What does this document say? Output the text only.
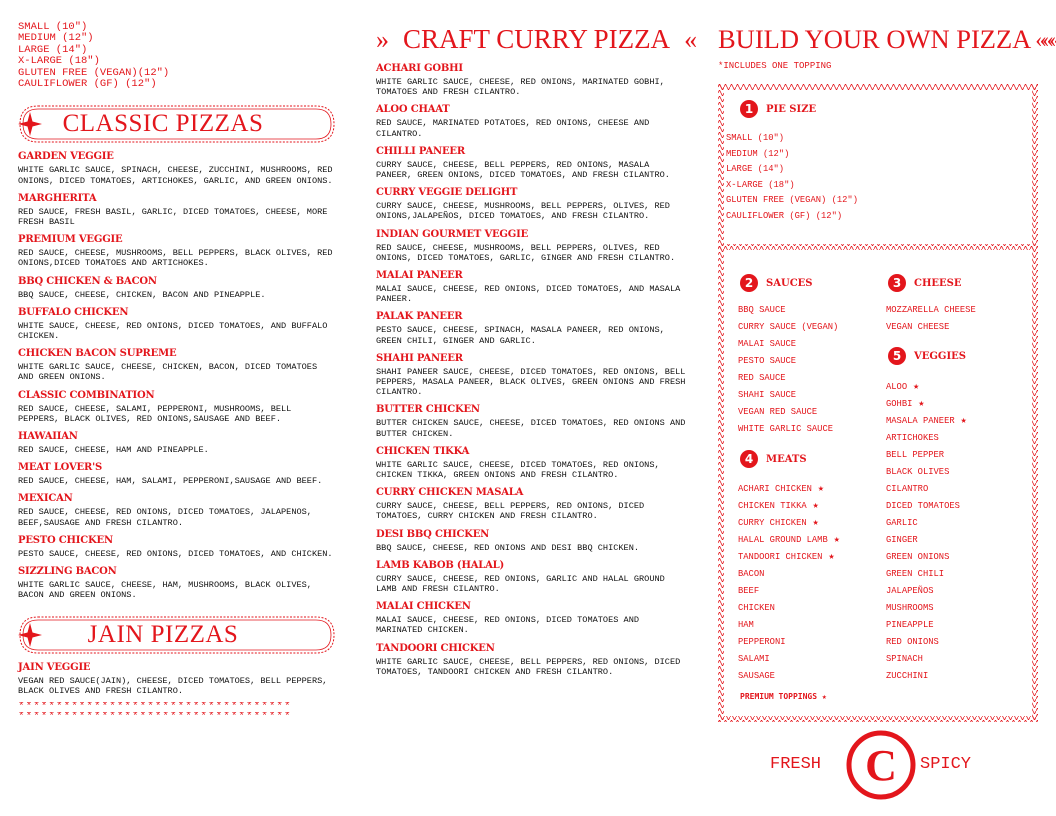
SMALL (10")
MEDIUM (12")
LARGE (14")
X-LARGE (18")
GLUTEN FREE (VEGAN)(12")
CAULIFLOWER (GF) (12")
CLASSIC PIZZAS
GARDEN VEGGIE
WHITE GARLIC SAUCE, SPINACH, CHEESE, ZUCCHINI, MUSHROOMS, RED ONIONS, DICED TOMATOES, ARTICHOKES, GARLIC, AND GREEN ONIONS.
MARGHERITA
RED SAUCE, FRESH BASIL, GARLIC, DICED TOMATOES, CHEESE, MORE FRESH BASIL
PREMIUM VEGGIE
RED SAUCE, CHEESE, MUSHROOMS, BELL PEPPERS, BLACK OLIVES, RED ONIONS,DICED TOMATOES AND ARTICHOKES.
BBQ CHICKEN & BACON
BBQ SAUCE, CHEESE, CHICKEN, BACON AND PINEAPPLE.
BUFFALO CHICKEN
WHITE SAUCE, CHEESE, RED ONIONS, DICED TOMATOES, AND BUFFALO CHICKEN.
CHICKEN BACON SUPREME
WHITE GARLIC SAUCE, CHEESE, CHICKEN, BACON, DICED TOMATOES AND GREEN ONIONS.
CLASSIC COMBINATION
RED SAUCE, CHEESE, SALAMI, PEPPERONI, MUSHROOMS, BELL PEPPERS, BLACK OLIVES, RED ONIONS,SAUSAGE AND BEEF.
HAWAIIAN
RED SAUCE, CHEESE, HAM AND PINEAPPLE.
MEAT LOVER'S
RED SAUCE, CHEESE, HAM, SALAMI, PEPPERONI,SAUSAGE AND BEEF.
MEXICAN
RED SAUCE, CHEESE, RED ONIONS, DICED TOMATOES, JALAPENOS, BEEF,SAUSAGE AND FRESH CILANTRO.
PESTO CHICKEN
PESTO SAUCE, CHEESE, RED ONIONS, DICED TOMATOES, AND CHICKEN.
SIZZLING BACON
WHITE GARLIC SAUCE, CHEESE, HAM, MUSHROOMS, BLACK OLIVES, BACON AND GREEN ONIONS.
JAIN PIZZAS
JAIN VEGGIE
VEGAN RED SAUCE(JAIN), CHEESE, DICED TOMATOES, BELL PEPPERS, BLACK OLIVES AND FRESH CILANTRO.
************************************
************************************
» CRAFT CURRY PIZZA «
ACHARI GOBHI
WHITE GARLIC SAUCE, CHEESE, RED ONIONS, MARINATED GOBHI, TOMATOES AND FRESH CILANTRO.
ALOO CHAAT
RED SAUCE, MARINATED POTATOES, RED ONIONS, CHEESE AND CILANTRO.
CHILLI PANEER
CURRY SAUCE, CHEESE, BELL PEPPERS, RED ONIONS, MASALA PANEER, GREEN ONIONS, DICED TOMATOES, AND FRESH CILANTRO.
CURRY VEGGIE DELIGHT
CURRY SAUCE, CHEESE, MUSHROOMS, BELL PEPPERS, OLIVES, RED ONIONS,JALAPEÑOS, DICED TOMATOES, AND FRESH CILANTRO.
INDIAN GOURMET VEGGIE
RED SAUCE, CHEESE, MUSHROOMS, BELL PEPPERS, OLIVES, RED ONIONS, DICED TOMATOES, GARLIC, GINGER AND FRESH CILANTRO.
MALAI PANEER
MALAI SAUCE, CHEESE, RED ONIONS, DICED TOMATOES, AND MASALA PANEER.
PALAK PANEER
PESTO SAUCE, CHEESE, SPINACH, MASALA PANEER, RED ONIONS, GREEN CHILI, GINGER AND GARLIC.
SHAHI PANEER
SHAHI PANEER SAUCE, CHEESE, DICED TOMATOES, RED ONIONS, BELL PEPPERS, MASALA PANEER, BLACK OLIVES, GREEN ONIONS AND FRESH CILANTRO.
BUTTER CHICKEN
BUTTER CHICKEN SAUCE, CHEESE, DICED TOMATOES, RED ONIONS AND BUTTER CHICKEN.
CHICKEN TIKKA
WHITE GARLIC SAUCE, CHEESE, DICED TOMATOES, RED ONIONS, CHICKEN TIKKA, GREEN ONIONS AND FRESH CILANTRO.
CURRY CHICKEN MASALA
CURRY SAUCE, CHEESE, BELL PEPPERS, RED ONIONS, DICED TOMATOES, CURRY CHICKEN AND FRESH CILANTRO.
DESI BBQ CHICKEN
BBQ SAUCE, CHEESE, RED ONIONS AND DESI BBQ CHICKEN.
LAMB KABOB (HALAL)
CURRY SAUCE, CHEESE, RED ONIONS, GARLIC AND HALAL GROUND LAMB AND FRESH CILANTRO.
MALAI CHICKEN
MALAI SAUCE, CHEESE, RED ONIONS, DICED TOMATOES AND MARINATED CHICKEN.
TANDOORI CHICKEN
WHITE GARLIC SAUCE, CHEESE, BELL PEPPERS, RED ONIONS, DICED TOMATOES, TANDOORI CHICKEN AND FRESH CILANTRO.
BUILD YOUR OWN PIZZA «««
*INCLUDES ONE TOPPING
1	PIE SIZE
SMALL (10")
MEDIUM (12")
LARGE (14")
X-LARGE (18")
GLUTEN FREE (VEGAN) (12")
CAULIFLOWER (GF) (12")
2	SAUCES
BBQ SAUCE
CURRY SAUCE (VEGAN)
MALAI SAUCE
PESTO SAUCE
RED SAUCE
SHAHI SAUCE
VEGAN RED SAUCE
WHITE GARLIC SAUCE
4	MEATS
ACHARI CHICKEN ★
CHICKEN TIKKA ★
CURRY CHICKEN ★
HALAL GROUND LAMB ★
TANDOORI CHICKEN ★
BACON
BEEF
CHICKEN
HAM
PEPPERONI
SALAMI
SAUSAGE
3	CHEESE
MOZZARELLA CHEESE
VEGAN CHEESE
5	VEGGIES
ALOO ★
GOHBI ★
MASALA PANEER ★
ARTICHOKES
BELL PEPPER
BLACK OLIVES
CILANTRO
DICED TOMATOES
GARLIC
GINGER
GREEN ONIONS
GREEN CHILI
JALAPEÑOS
MUSHROOMS
PINEAPPLE
RED ONIONS
SPINACH
ZUCCHINI
PREMIUM TOPPINGS ★
FRESH C SPICY
